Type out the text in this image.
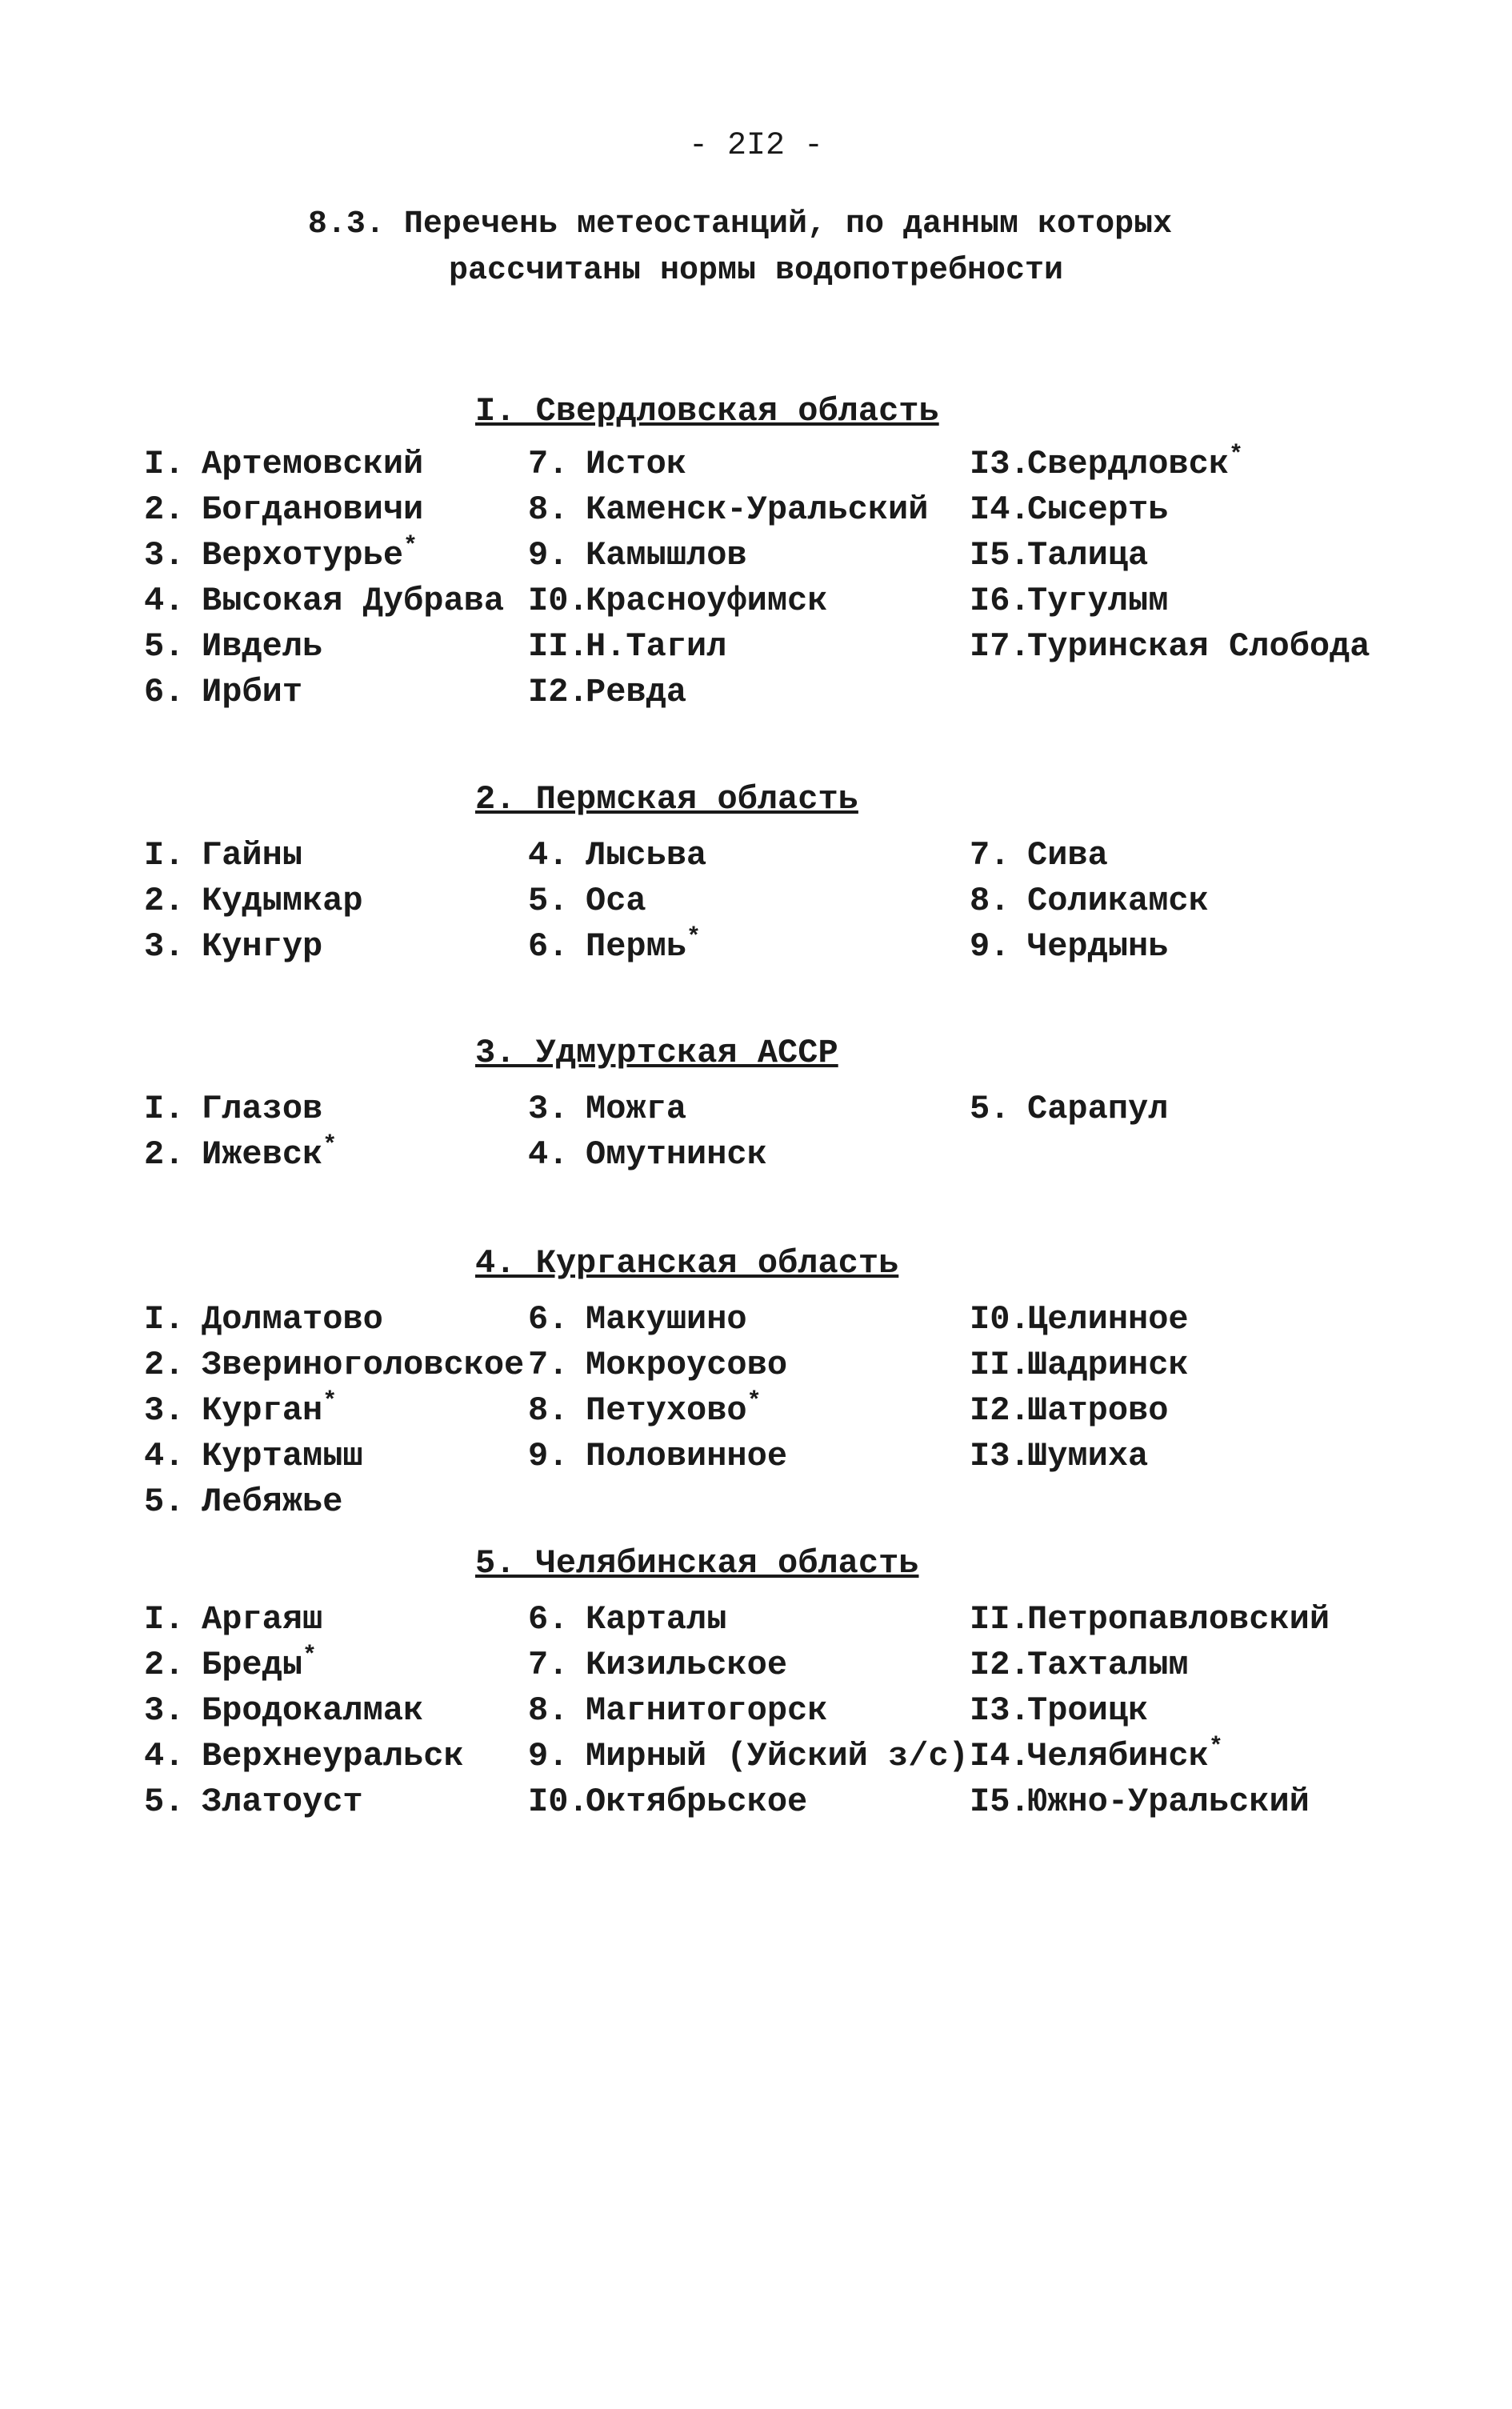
- 2I2 -
8.3. Перечень метеостанций, по данным которых
рассчитаны нормы водопотребности
I. Свердловская область
I. Артемовский
2. Богдановичи
3. Верхотурье*
4. Высокая Дубрава
5. Ивдель
6. Ирбит
7. Исток
8. Каменск-Уральский
9. Камышлов
I0.Красноуфимск
II.Н.Тагил
I2.Ревда
I3.Свердловск*
I4.Сысерть
I5.Талица
I6.Тугулым
I7.Туринская Слобода
2. Пермская область
I. Гайны
2. Кудымкар
3. Кунгур
4. Лысьва
5. Оса
6. Пермь*
7. Сива
8. Соликамск
9. Чердынь
3. Удмуртская АССР
I. Глазов
2. Ижевск*
3. Можга
4. Омутнинск
5. Сарапул
4. Курганская область
I. Долматово
2. Звериноголовское
3. Курган*
4. Куртамыш
5. Лебяжье
6. Макушино
7. Мокроусово
8. Петухово*
9. Половинное
I0.Целинное
II.Шадринск
I2.Шатрово
I3.Шумиха
5. Челябинская область
I. Аргаяш
2. Бреды*
3. Бродокалмак
4. Верхнеуральск
5. Златоуст
6. Карталы
7. Кизильское
8. Магнитогорск
9. Мирный (Уйский з/с)
I0.Октябрьское
II.Петропавловский
I2.Тахталым
I3.Троицк
I4.Челябинск*
I5.Южно-Уральский
